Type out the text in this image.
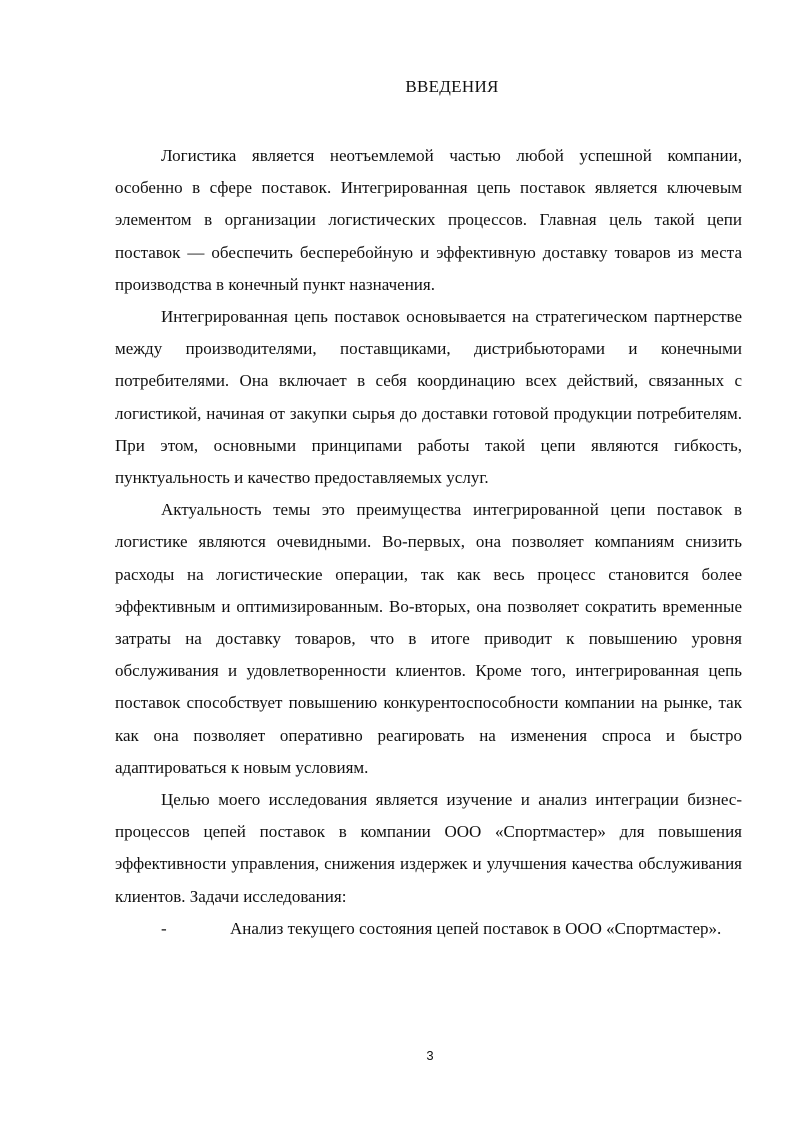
ВВЕДЕНИЯ

Логистика является неотъемлемой частью любой успешной компании, особенно в сфере поставок. Интегрированная цепь поставок является ключевым элементом в организации логистических процессов. Главная цель такой цепи поставок — обеспечить бесперебойную и эффективную доставку товаров из места производства в конечный пункт назначения.

Интегрированная цепь поставок основывается на стратегическом партнерстве между производителями, поставщиками, дистрибьюторами и конечными потребителями. Она включает в себя координацию всех действий, связанных с логистикой, начиная от закупки сырья до доставки готовой продукции потребителям. При этом, основными принципами работы такой цепи являются гибкость, пунктуальность и качество предоставляемых услуг.

Актуальность темы это преимущества интегрированной цепи поставок в логистике являются очевидными. Во-первых, она позволяет компаниям снизить расходы на логистические операции, так как весь процесс становится более эффективным и оптимизированным. Во-вторых, она позволяет сократить временные затраты на доставку товаров, что в итоге приводит к повышению уровня обслуживания и удовлетворенности клиентов. Кроме того, интегрированная цепь поставок способствует повышению конкурентоспособности компании на рынке, так как она позволяет оперативно реагировать на изменения спроса и быстро адаптироваться к новым условиям.

Целью моего исследования является изучение и анализ интеграции бизнес-процессов цепей поставок в компании ООО «Спортмастер» для повышения эффективности управления, снижения издержек и улучшения качества обслуживания клиентов. Задачи исследования:

-	Анализ текущего состояния цепей поставок в ООО «Спортмастер».

3
